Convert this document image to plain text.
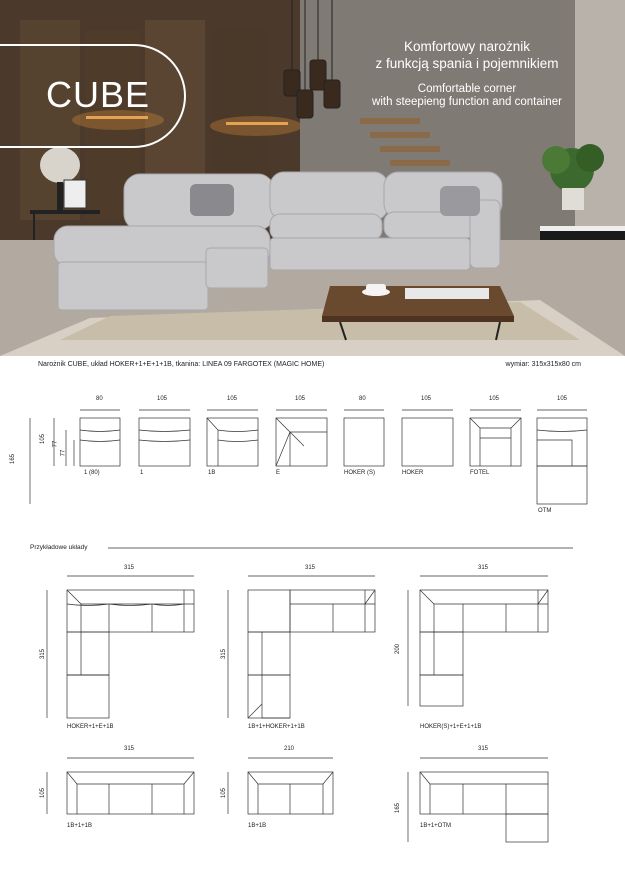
CUBE
Komfortowy narożnik
z funkcją spania i pojemnikiem
Comfortable corner
with steepieng function and container
Narożnik CUBE, układ HOKER+1+E+1+1B, tkanina: LINEA 09 FARGOTEX (MAGIC HOME)	wymiar: 315x315x80 cm
80	105	105	105	80	105	105	105
165
105 77
77
1 (80)	1	1B	E	HOKER (S)	HOKER	FOTEL
OTM
Przykładowe układy
315	315	315
315	210	315
315	315	200
105	105
165
HOKER+1+E+1B	1B+1+HOKER+1+1B	HOKER(S)+1+E+1+1B
1B+1+1B	1B+1B	1B+1+OTM
